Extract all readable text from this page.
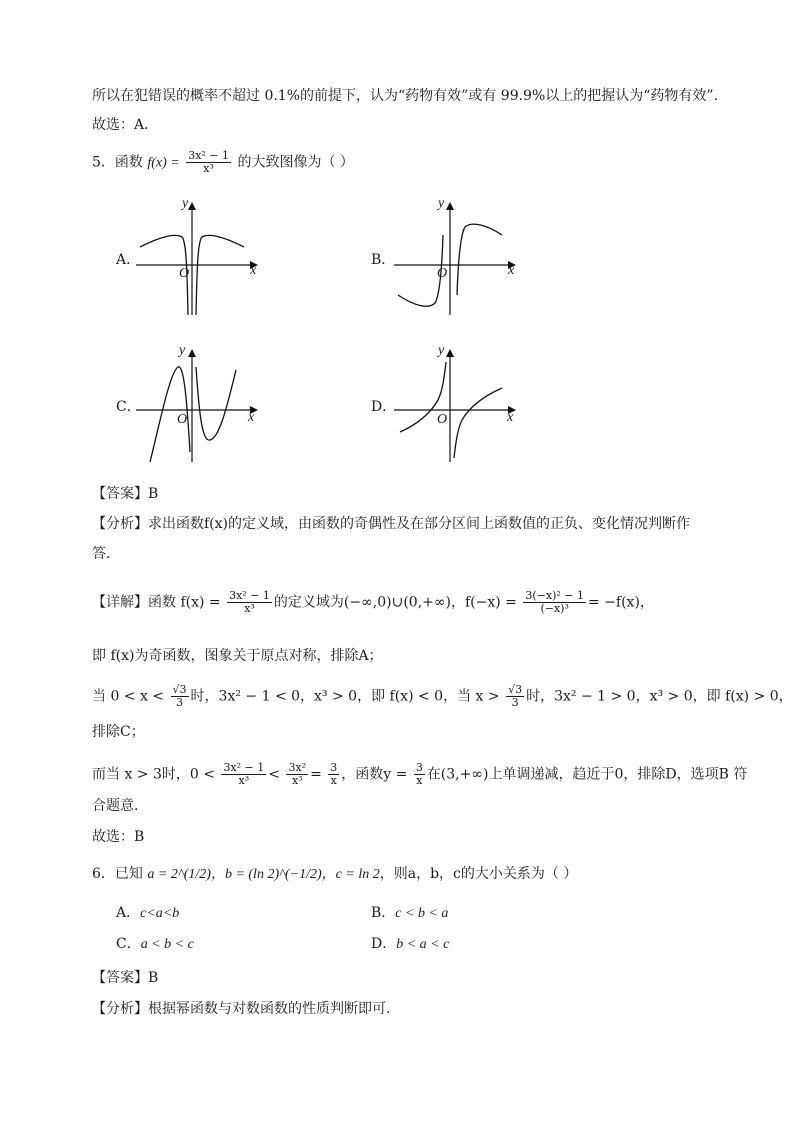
所以在犯错误的概率不超过 0.1%的前提下，认为“药物有效”或有 99.9%以上的把握认为“药物有效”.
故选：A．
5．函数 $f(x) = \frac{\text{3x² − 1}}{\text{x³}}$ 的大致图像为（ ）
A．
y
x
O
B．
y
x
O
C．
y
x
O
D．
y
x
O
【答案】B
【分析】求出函数f(x)的定义域，由函数的奇偶性及在部分区间上函数值的正负、变化情况判断作
答.
【详解】函数 $f(x) = \frac{\text{3x² − 1}}{\text{x³}}$ 的定义域为(−∞,0)∪(0,+∞)，$f(-x) = \frac{\text{3(−x)² − 1}}{\text{(−x)³}} = -f(x)$，
即 f(x)为奇函数，图象关于原点对称，排除A；
当 $0 < x < \frac{√3}{3}$ 时，3x² − 1 < 0，x³ > 0，即 f(x) < 0，当 $x > \frac{√3}{3}$ 时，3x² − 1 > 0，x³ > 0，即 f(x) > 0，
排除C；
而当 x > 3时，$0 < \frac{\text{3x² − 1}}{\text{x³}} < \frac{\text{3x²}}{\text{x³}} = \frac{3}{x}$ ，函数$y = \frac{3}{x}$ 在(3,+∞)上单调递减，趋近于0，排除D，选项B 符
合题意.
故选：B
6．已知 a = 2^(1/2)，b = (ln 2)^(−1/2)，c = ln 2，则a，b，c的大小关系为（ ）
A．c<a<b	B．c < b < a
C．a < b < c	D．b < a < c
【答案】B
【分析】根据幂函数与对数函数的性质判断即可.
